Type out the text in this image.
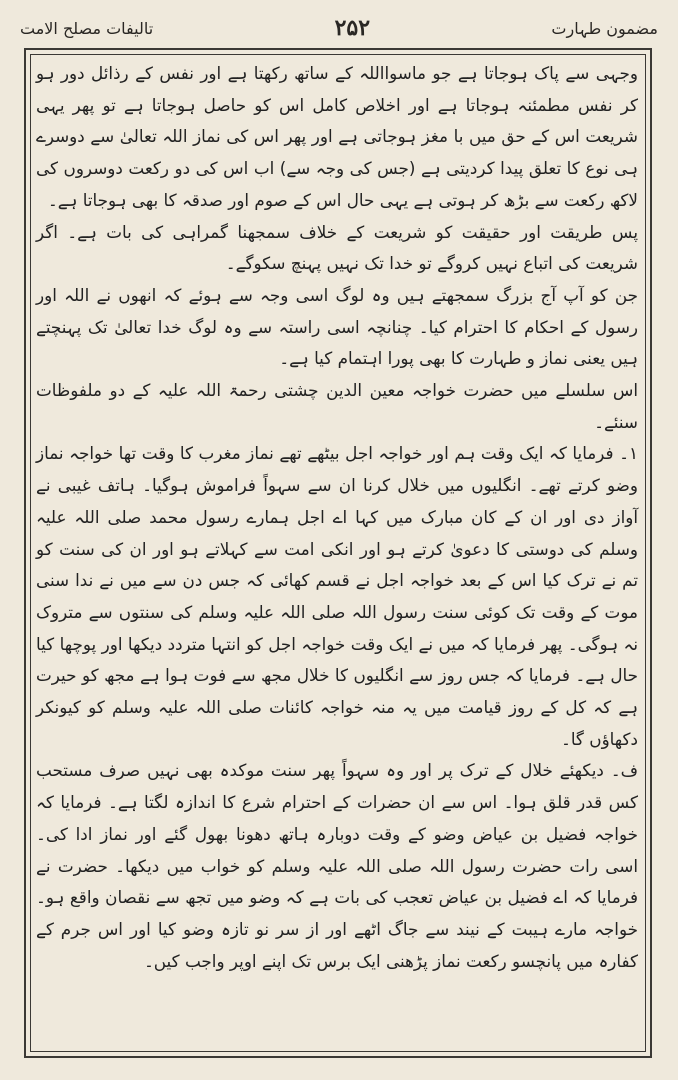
تالیفات مصلح الامت	۲۵۲	مضمون طہارت

وجہی سے پاک ہوجاتا ہے جو ماسوااللہ کے ساتھ رکھتا ہے اور نفس کے رذائل دور ہو کر نفس مطمئنہ ہوجاتا ہے اور اخلاص کامل اس کو حاصل ہوجاتا ہے تو پھر یہی شریعت اس کے حق میں با مغز ہوجاتی ہے اور پھر اس کی نماز اللہ تعالیٰ سے دوسرے ہی نوع کا تعلق پیدا کردیتی ہے (جس کی وجہ سے) اب اس کی دو رکعت دوسروں کی لاکھ رکعت سے بڑھ کر ہوتی ہے یہی حال اس کے صوم اور صدقہ کا بھی ہوجاتا ہے۔

پس طریقت اور حقیقت کو شریعت کے خلاف سمجھنا گمراہی کی بات ہے۔ اگر شریعت کی اتباع نہیں کروگے تو خدا تک نہیں پہنچ سکوگے۔

جن کو آپ آج بزرگ سمجھتے ہیں وہ لوگ اسی وجہ سے ہوئے کہ انھوں نے اللہ اور رسول کے احکام کا احترام کیا۔ چنانچہ اسی راستہ سے وہ لوگ خدا تعالیٰ تک پہنچتے ہیں یعنی نماز و طہارت کا بھی پورا اہتمام کیا ہے۔

اس سلسلے میں حضرت خواجہ معین الدین چشتی رحمۃ اللہ علیہ کے دو ملفوظات سنئے۔

۱۔ فرمایا کہ ایک وقت ہم اور خواجہ اجل بیٹھے تھے نماز مغرب کا وقت تھا خواجہ نماز وضو کرتے تھے۔ انگلیوں میں خلال کرنا ان سے سہواً فراموش ہوگیا۔ ہاتف غیبی نے آواز دی اور ان کے کان مبارک میں کہا اے اجل ہمارے رسول محمد صلی اللہ علیہ وسلم کی دوستی کا دعویٰ کرتے ہو اور انکی امت سے کہلاتے ہو اور ان کی سنت کو تم نے ترک کیا اس کے بعد خواجہ اجل نے قسم کھائی کہ جس دن سے میں نے ندا سنی موت کے وقت تک کوئی سنت رسول اللہ صلی اللہ علیہ وسلم کی سنتوں سے متروک نہ ہوگی۔ پھر فرمایا کہ میں نے ایک وقت خواجہ اجل کو انتہا متردد دیکھا اور پوچھا کیا حال ہے۔ فرمایا کہ جس روز سے انگلیوں کا خلال مجھ سے فوت ہوا ہے مجھ کو حیرت ہے کہ کل کے روز قیامت میں یہ منہ خواجہ کائنات صلی اللہ علیہ وسلم کو کیونکر دکھاؤں گا۔

ف۔ دیکھئے خلال کے ترک پر اور وہ سہواً پھر سنت موکدہ بھی نہیں صرف مستحب کس قدر قلق ہوا۔ اس سے ان حضرات کے احترام شرع کا اندازہ لگتا ہے۔ فرمایا کہ خواجہ فضیل بن عیاض وضو کے وقت دوبارہ ہاتھ دھونا بھول گئے اور نماز ادا کی۔ اسی رات حضرت رسول اللہ صلی اللہ علیہ وسلم کو خواب میں دیکھا۔ حضرت نے فرمایا کہ اے فضیل بن عیاض تعجب کی بات ہے کہ وضو میں تجھ سے نقصان واقع ہو۔ خواجہ مارے ہیبت کے نیند سے جاگ اٹھے اور از سر نو تازہ وضو کیا اور اس جرم کے کفارہ میں پانچسو رکعت نماز پڑھنی ایک برس تک اپنے اوپر واجب کیں۔
